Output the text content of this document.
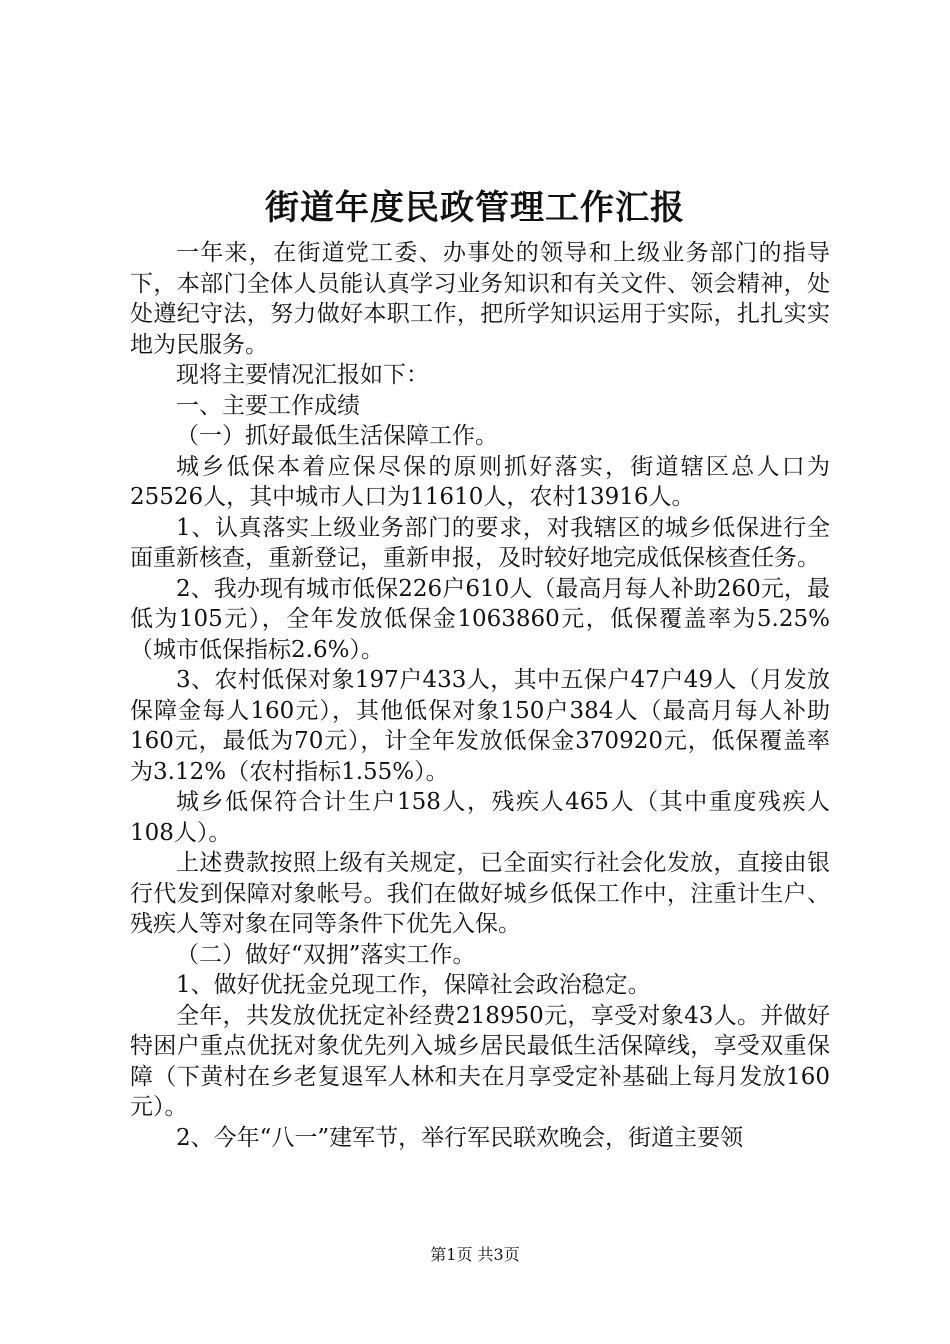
街道年度民政管理工作汇报

一年来，在街道党工委、办事处的领导和上级业务部门的指导下，本部门全体人员能认真学习业务知识和有关文件、领会精神，处处遵纪守法，努力做好本职工作，把所学知识运用于实际，扎扎实实地为民服务。

现将主要情况汇报如下：

一、主要工作成绩

（一）抓好最低生活保障工作。

城乡低保本着应保尽保的原则抓好落实，街道辖区总人口为25526人，其中城市人口为11610人，农村13916人。

1、认真落实上级业务部门的要求，对我辖区的城乡低保进行全面重新核查，重新登记，重新申报，及时较好地完成低保核查任务。

2、我办现有城市低保226户610人（最高月每人补助260元，最低为105元），全年发放低保金1063860元，低保覆盖率为5.25%（城市低保指标2.6%）。

3、农村低保对象197户433人，其中五保户47户49人（月发放保障金每人160元），其他低保对象150户384人（最高月每人补助160元，最低为70元），计全年发放低保金370920元，低保覆盖率为3.12%（农村指标1.55%）。

城乡低保符合计生户158人，残疾人465人（其中重度残疾人108人）。

上述费款按照上级有关规定，已全面实行社会化发放，直接由银行代发到保障对象帐号。我们在做好城乡低保工作中，注重计生户、残疾人等对象在同等条件下优先入保。

（二）做好“双拥”落实工作。

1、做好优抚金兑现工作，保障社会政治稳定。

全年，共发放优抚定补经费218950元，享受对象43人。并做好特困户重点优抚对象优先列入城乡居民最低生活保障线，享受双重保障（下黄村在乡老复退军人林和夫在月享受定补基础上每月发放160元）。

2、今年“八一”建军节，举行军民联欢晚会，街道主要领

第1页 共3页
